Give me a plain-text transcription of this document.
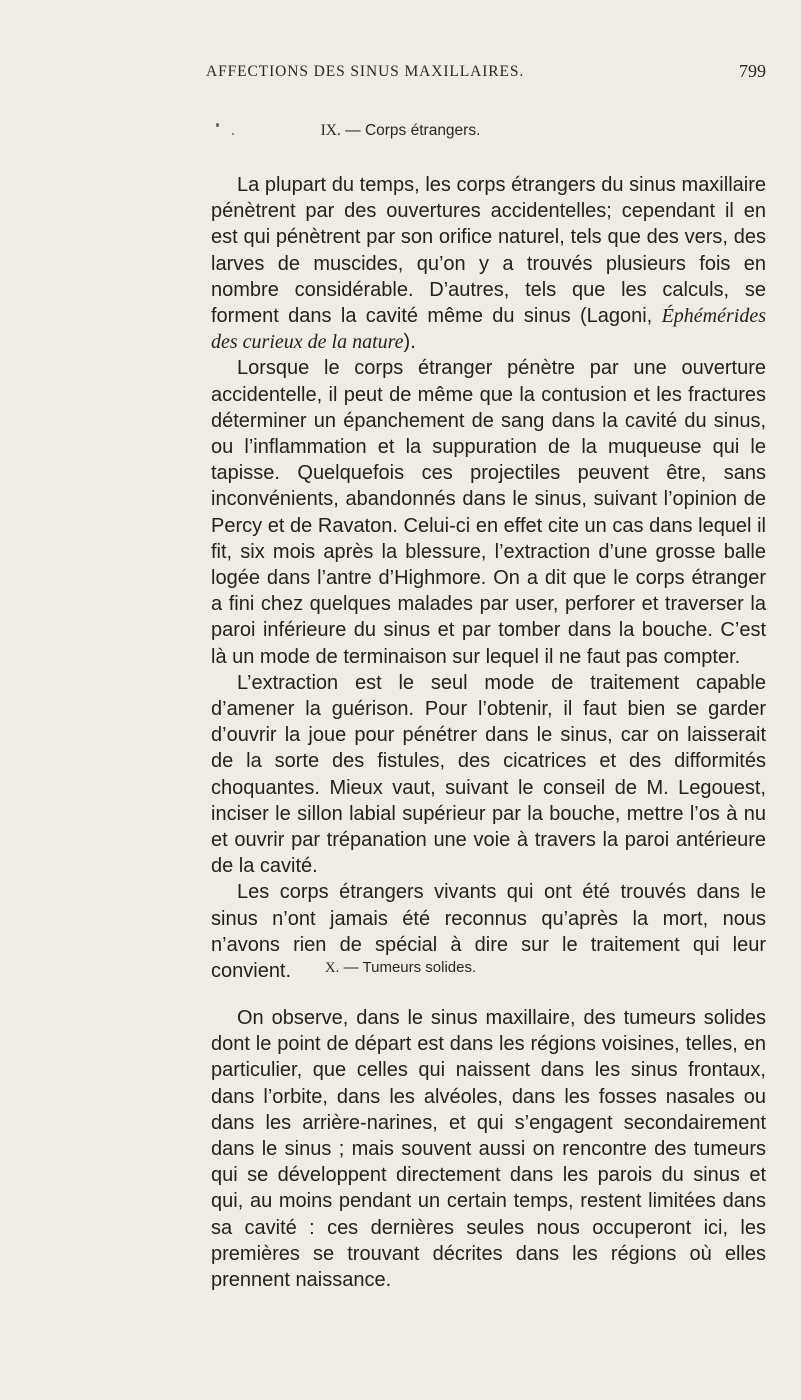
AFFECTIONS DES SINUS MAXILLAIRES.	799
IX. — Corps étrangers.

La plupart du temps, les corps étrangers du sinus maxillaire pénètrent par des ouvertures accidentelles; cependant il en est qui pénètrent par son orifice naturel, tels que des vers, des larves de muscides, qu’on y a trouvés plusieurs fois en nombre considérable. D’autres, tels que les calculs, se forment dans la cavité même du sinus (Lagoni, Éphémérides des curieux de la nature).

Lorsque le corps étranger pénètre par une ouverture accidentelle, il peut de même que la contusion et les fractures déterminer un épanchement de sang dans la cavité du sinus, ou l’inflammation et la suppuration de la muqueuse qui le tapisse. Quelquefois ces projectiles peuvent être, sans inconvénients, abandonnés dans le sinus, suivant l’opinion de Percy et de Ravaton. Celui-ci en effet cite un cas dans lequel il fit, six mois après la blessure, l’extraction d’une grosse balle logée dans l’antre d’Highmore. On a dit que le corps étranger a fini chez quelques malades par user, perforer et traverser la paroi inférieure du sinus et par tomber dans la bouche. C’est là un mode de terminaison sur lequel il ne faut pas compter.

L’extraction est le seul mode de traitement capable d’amener la guérison. Pour l’obtenir, il faut bien se garder d’ouvrir la joue pour pénétrer dans le sinus, car on laisserait de la sorte des fistules, des cicatrices et des difformités choquantes. Mieux vaut, suivant le conseil de M. Legouest, inciser le sillon labial supérieur par la bouche, mettre l’os à nu et ouvrir par trépanation une voie à travers la paroi antérieure de la cavité.

Les corps étrangers vivants qui ont été trouvés dans le sinus n’ont jamais été reconnus qu’après la mort, nous n’avons rien de spécial à dire sur le traitement qui leur convient.	X. — Tumeurs solides.

On observe, dans le sinus maxillaire, des tumeurs solides dont le point de départ est dans les régions voisines, telles, en particulier, que celles qui naissent dans les sinus frontaux, dans l’orbite, dans les alvéoles, dans les fosses nasales ou dans les arrière-narines, et qui s’engagent secondairement dans le sinus ; mais souvent aussi on rencontre des tumeurs qui se développent directement dans les parois du sinus et qui, au moins pendant un certain temps, restent limitées dans sa cavité : ces dernières seules nous occuperont ici, les premières se trouvant décrites dans les régions où elles prennent naissance.
